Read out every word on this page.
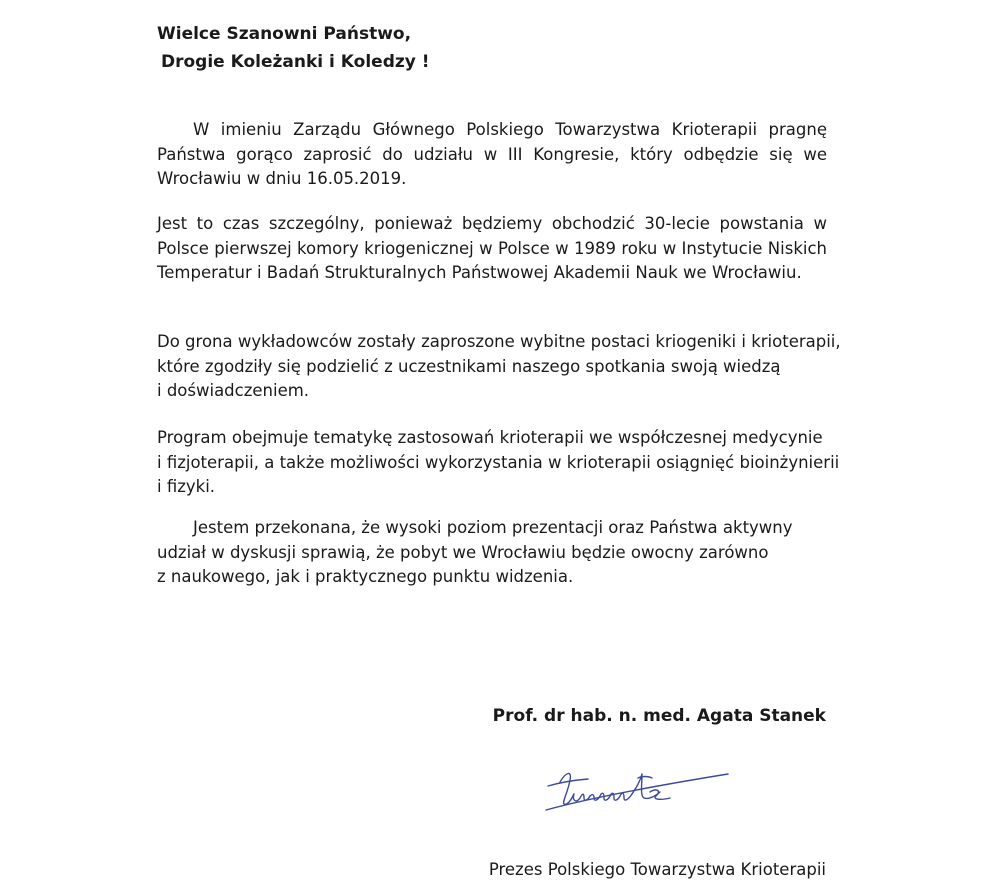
Wielce Szanowni Państwo,
Drogie Koleżanki i Koledzy !

W imieniu Zarządu Głównego Polskiego Towarzystwa Krioterapii pragnę Państwa gorąco zaprosić do udziału w III Kongresie, który odbędzie się we Wrocławiu w dniu 16.05.2019.

Jest to czas szczególny, ponieważ będziemy obchodzić 30-lecie powstania w Polsce pierwszej komory kriogenicznej w Polsce w 1989 roku w Instytucie Niskich Temperatur i Badań Strukturalnych Państwowej Akademii Nauk we Wrocławiu.

Do grona wykładowców zostały zaproszone wybitne postaci kriogeniki i krioterapii,
które zgodziły się podzielić z uczestnikami naszego spotkania swoją wiedzą
i doświadczeniem.

Program obejmuje tematykę zastosowań krioterapii we współczesnej medycynie
i fizjoterapii, a także możliwości wykorzystania w krioterapii osiągnięć bioinżynierii
i fizyki.

Jestem przekonana, że wysoki poziom prezentacji oraz Państwa aktywny
udział w dyskusji sprawią, że pobyt we Wrocławiu będzie owocny zarówno
z naukowego, jak i praktycznego punktu widzenia.

Prof. dr hab. n. med. Agata Stanek
Prezes Polskiego Towarzystwa Krioterapii
